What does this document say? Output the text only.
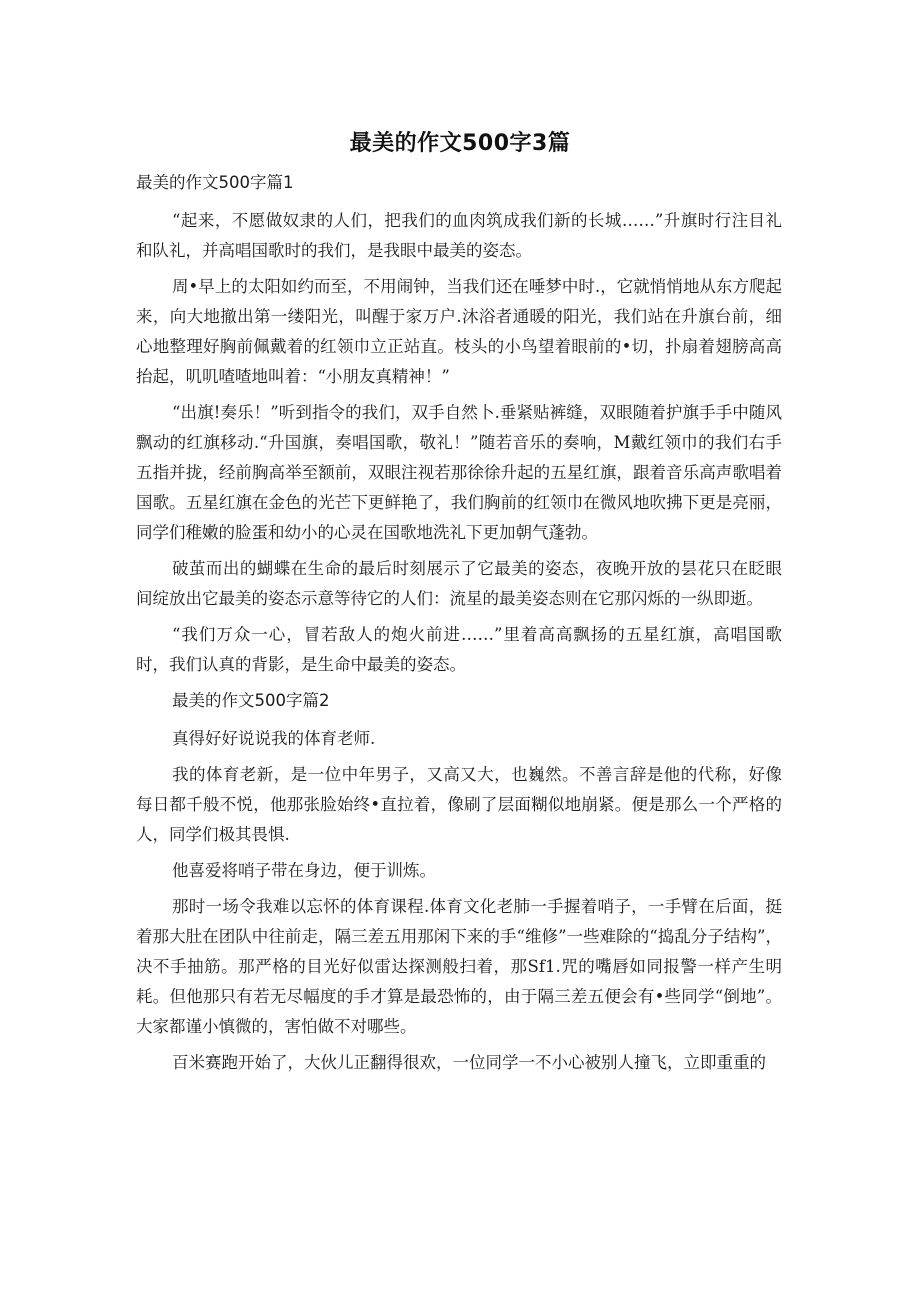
最美的作文500字3篇
最美的作文500字篇1

“起来，不愿做奴隶的人们，把我们的血肉筑成我们新的长城……”升旗时行注目礼和队礼，并高唱国歌时的我们，是我眼中最美的姿态。

周•早上的太阳如约而至，不用闹钟，当我们还在唾梦中时.，它就悄悄地从东方爬起来，向大地撤出第一缕阳光，叫醒于家万户.沐浴者通暖的阳光，我们站在升旗台前，细心地整理好胸前佩戴着的红领巾立正站直。枝头的小鸟望着眼前的•切，扑扇着翅膀高高抬起，叽叽喳喳地叫着：“小朋友真精神！”

“出旗!奏乐！”听到指令的我们，双手自然卜.垂紧贴裤缝，双眼随着护旗手手中随风飘动的红旗移动.“升国旗，奏唱国歌，敬礼！”随若音乐的奏响，M戴红领巾的我们右手五指并拢，经前胸高举至额前，双眼注视若那徐徐升起的五星红旗，跟着音乐高声歌唱着国歌。五星红旗在金色的光芒下更鲜艳了，我们胸前的红领巾在微风地吹拂下更是亮丽，同学们稚嫩的脸蛋和幼小的心灵在国歌地洗礼下更加朝气蓬勃。

破茧而出的蝴蝶在生命的最后时刻展示了它最美的姿态，夜晚开放的昙花只在眨眼间绽放出它最美的姿态示意等待它的人们：流星的最美姿态则在它那闪烁的一纵即逝。

“我们万众一心，冒若敌人的炮火前进……”里着高高飘扬的五星红旗，高唱国歌时，我们认真的背影，是生命中最美的姿态。

最美的作文500字篇2
真得好好说说我的体育老师.

我的体育老新，是一位中年男子，又高又大，也巍然。不善言辞是他的代称，好像每日都千般不悦，他那张脸始终•直拉着，像刷了层面糊似地崩紧。便是那么一个严格的人，同学们极其畏惧.

他喜爱将哨子带在身边，便于训炼。

那时一场令我难以忘怀的体育课程.体育文化老肺一手握着哨子，一手臂在后面，挺着那大肚在团队中往前走，隔三差五用那闲下来的手“维修”一些难除的“捣乱分子结构”，决不手抽筋。那严格的目光好似雷达探测般扫着，那Sf1.咒的嘴唇如同报警一样产生明耗。但他那只有若无尽幅度的手才算是最恐怖的，由于隔三差五便会有•些同学“倒地”。大家都谨小慎微的，害怕做不对哪些。

百米赛跑开始了，大伙儿正翻得很欢，一位同学一不小心被别人撞飞，立即重重的
